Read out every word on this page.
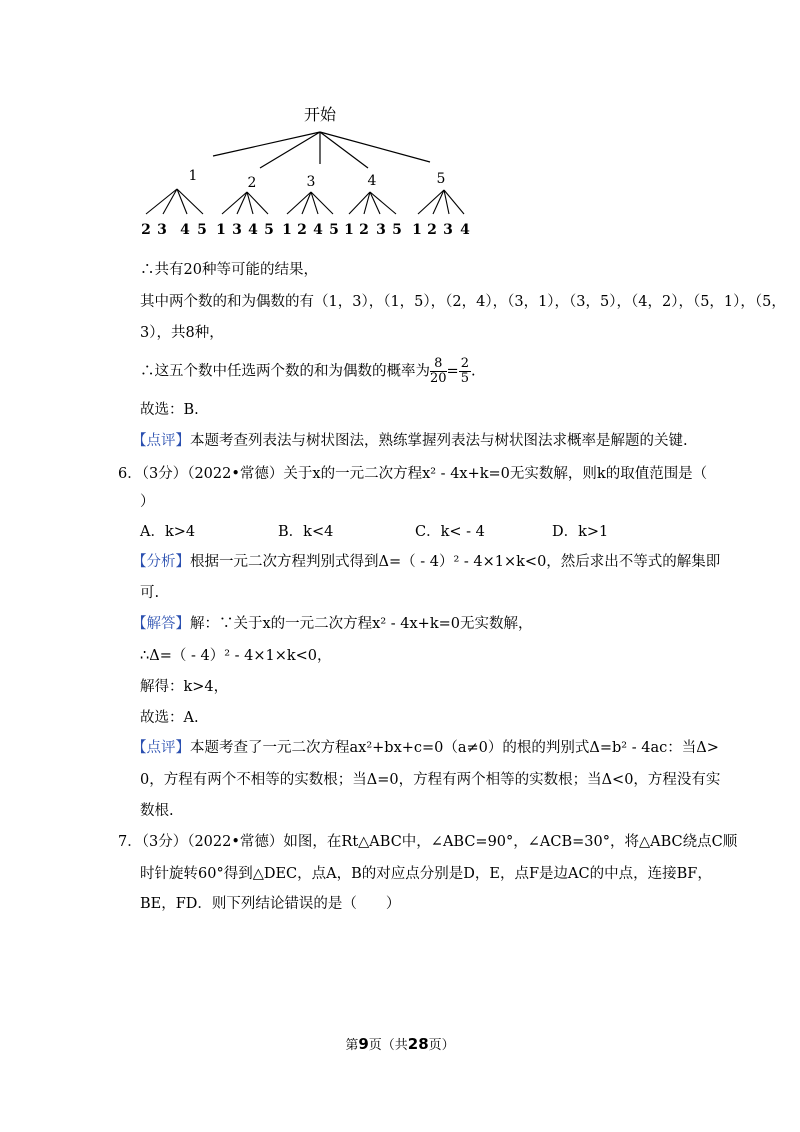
开始
1	2	3	4	5
2 3 4 5 1 3 4 5 1 2 4 5 1 2 3 5 1 2 3 4
∴共有20种等可能的结果，
其中两个数的和为偶数的有（1，3），（1，5），（2，4），（3，1），（3，5），（4，2），（5，1），（5，
3），共8种，
∴这五个数中任选两个数的和为偶数的概率为 $\frac{8}{20} = \frac{2}{5}$ .
故选：B.
【点评】本题考查列表法与树状图法，熟练掌握列表法与树状图法求概率是解题的关键.
6．（3分）（2022•常德）关于x的一元二次方程x² - 4x+k=0无实数解，则k的取值范围是（
）
A．k>4	B．k<4	C．k< - 4	D．k>1
【分析】根据一元二次方程判别式得到Δ=（ - 4）² - 4×1×k<0，然后求出不等式的解集即
可.
【解答】解：∵关于x的一元二次方程x² - 4x+k=0无实数解，
∴Δ=（ - 4）² - 4×1×k<0，
解得：k>4，
故选：A.
【点评】本题考查了一元二次方程ax²+bx+c=0（a≠0）的根的判别式Δ=b² - 4ac：当Δ>
0，方程有两个不相等的实数根；当Δ=0，方程有两个相等的实数根；当Δ<0，方程没有实
数根.
7．（3分）（2022•常德）如图，在Rt△ABC中，∠ABC=90°，∠ACB=30°，将△ABC绕点C顺
时针旋转60°得到△DEC，点A，B的对应点分别是D，E，点F是边AC的中点，连接BF，
BE，FD．则下列结论错误的是（　　）
第9页（共28页）
